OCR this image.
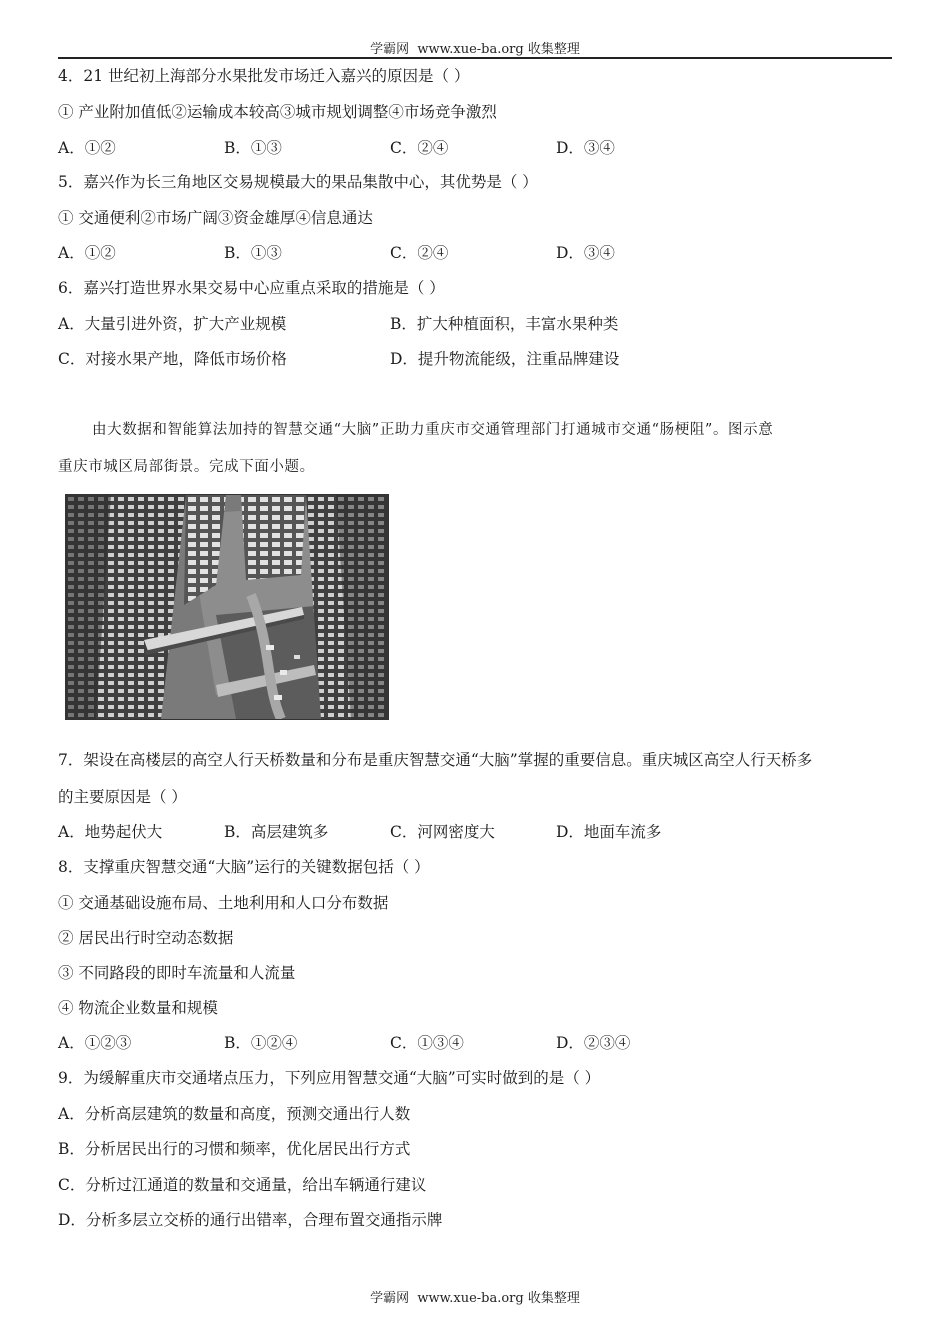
学霸网 www.xue-ba.org 收集整理
4．21 世纪初上海部分水果批发市场迁入嘉兴的原因是（ ）
① 产业附加值低②运输成本较高③城市规划调整④市场竞争激烈
A．①②	B．①③	C．②④	D．③④
5．嘉兴作为长三角地区交易规模最大的果品集散中心，其优势是（ ）
① 交通便利②市场广阔③资金雄厚④信息通达
A．①②	B．①③	C．②④	D．③④
6．嘉兴打造世界水果交易中心应重点采取的措施是（ ）
A．大量引进外资，扩大产业规模	B．扩大种植面积，丰富水果种类
C．对接水果产地，降低市场价格	D．提升物流能级，注重品牌建设
由大数据和智能算法加持的智慧交通“大脑”正助力重庆市交通管理部门打通城市交通“肠梗阻”。图示意
重庆市城区局部街景。完成下面小题。
7．架设在高楼层的高空人行天桥数量和分布是重庆智慧交通“大脑”掌握的重要信息。重庆城区高空人行天桥多
的主要原因是（ ）
A．地势起伏大	B．高层建筑多	C．河网密度大	D．地面车流多
8．支撑重庆智慧交通“大脑”运行的关键数据包括（ ）
① 交通基础设施布局、土地利用和人口分布数据
② 居民出行时空动态数据
③ 不同路段的即时车流量和人流量
④ 物流企业数量和规模
A．①②③	B．①②④	C．①③④	D．②③④
9．为缓解重庆市交通堵点压力，下列应用智慧交通“大脑”可实时做到的是（ ）
A．分析高层建筑的数量和高度，预测交通出行人数
B．分析居民出行的习惯和频率，优化居民出行方式
C．分析过江通道的数量和交通量，给出车辆通行建议
D．分析多层立交桥的通行出错率，合理布置交通指示牌
学霸网 www.xue-ba.org 收集整理
